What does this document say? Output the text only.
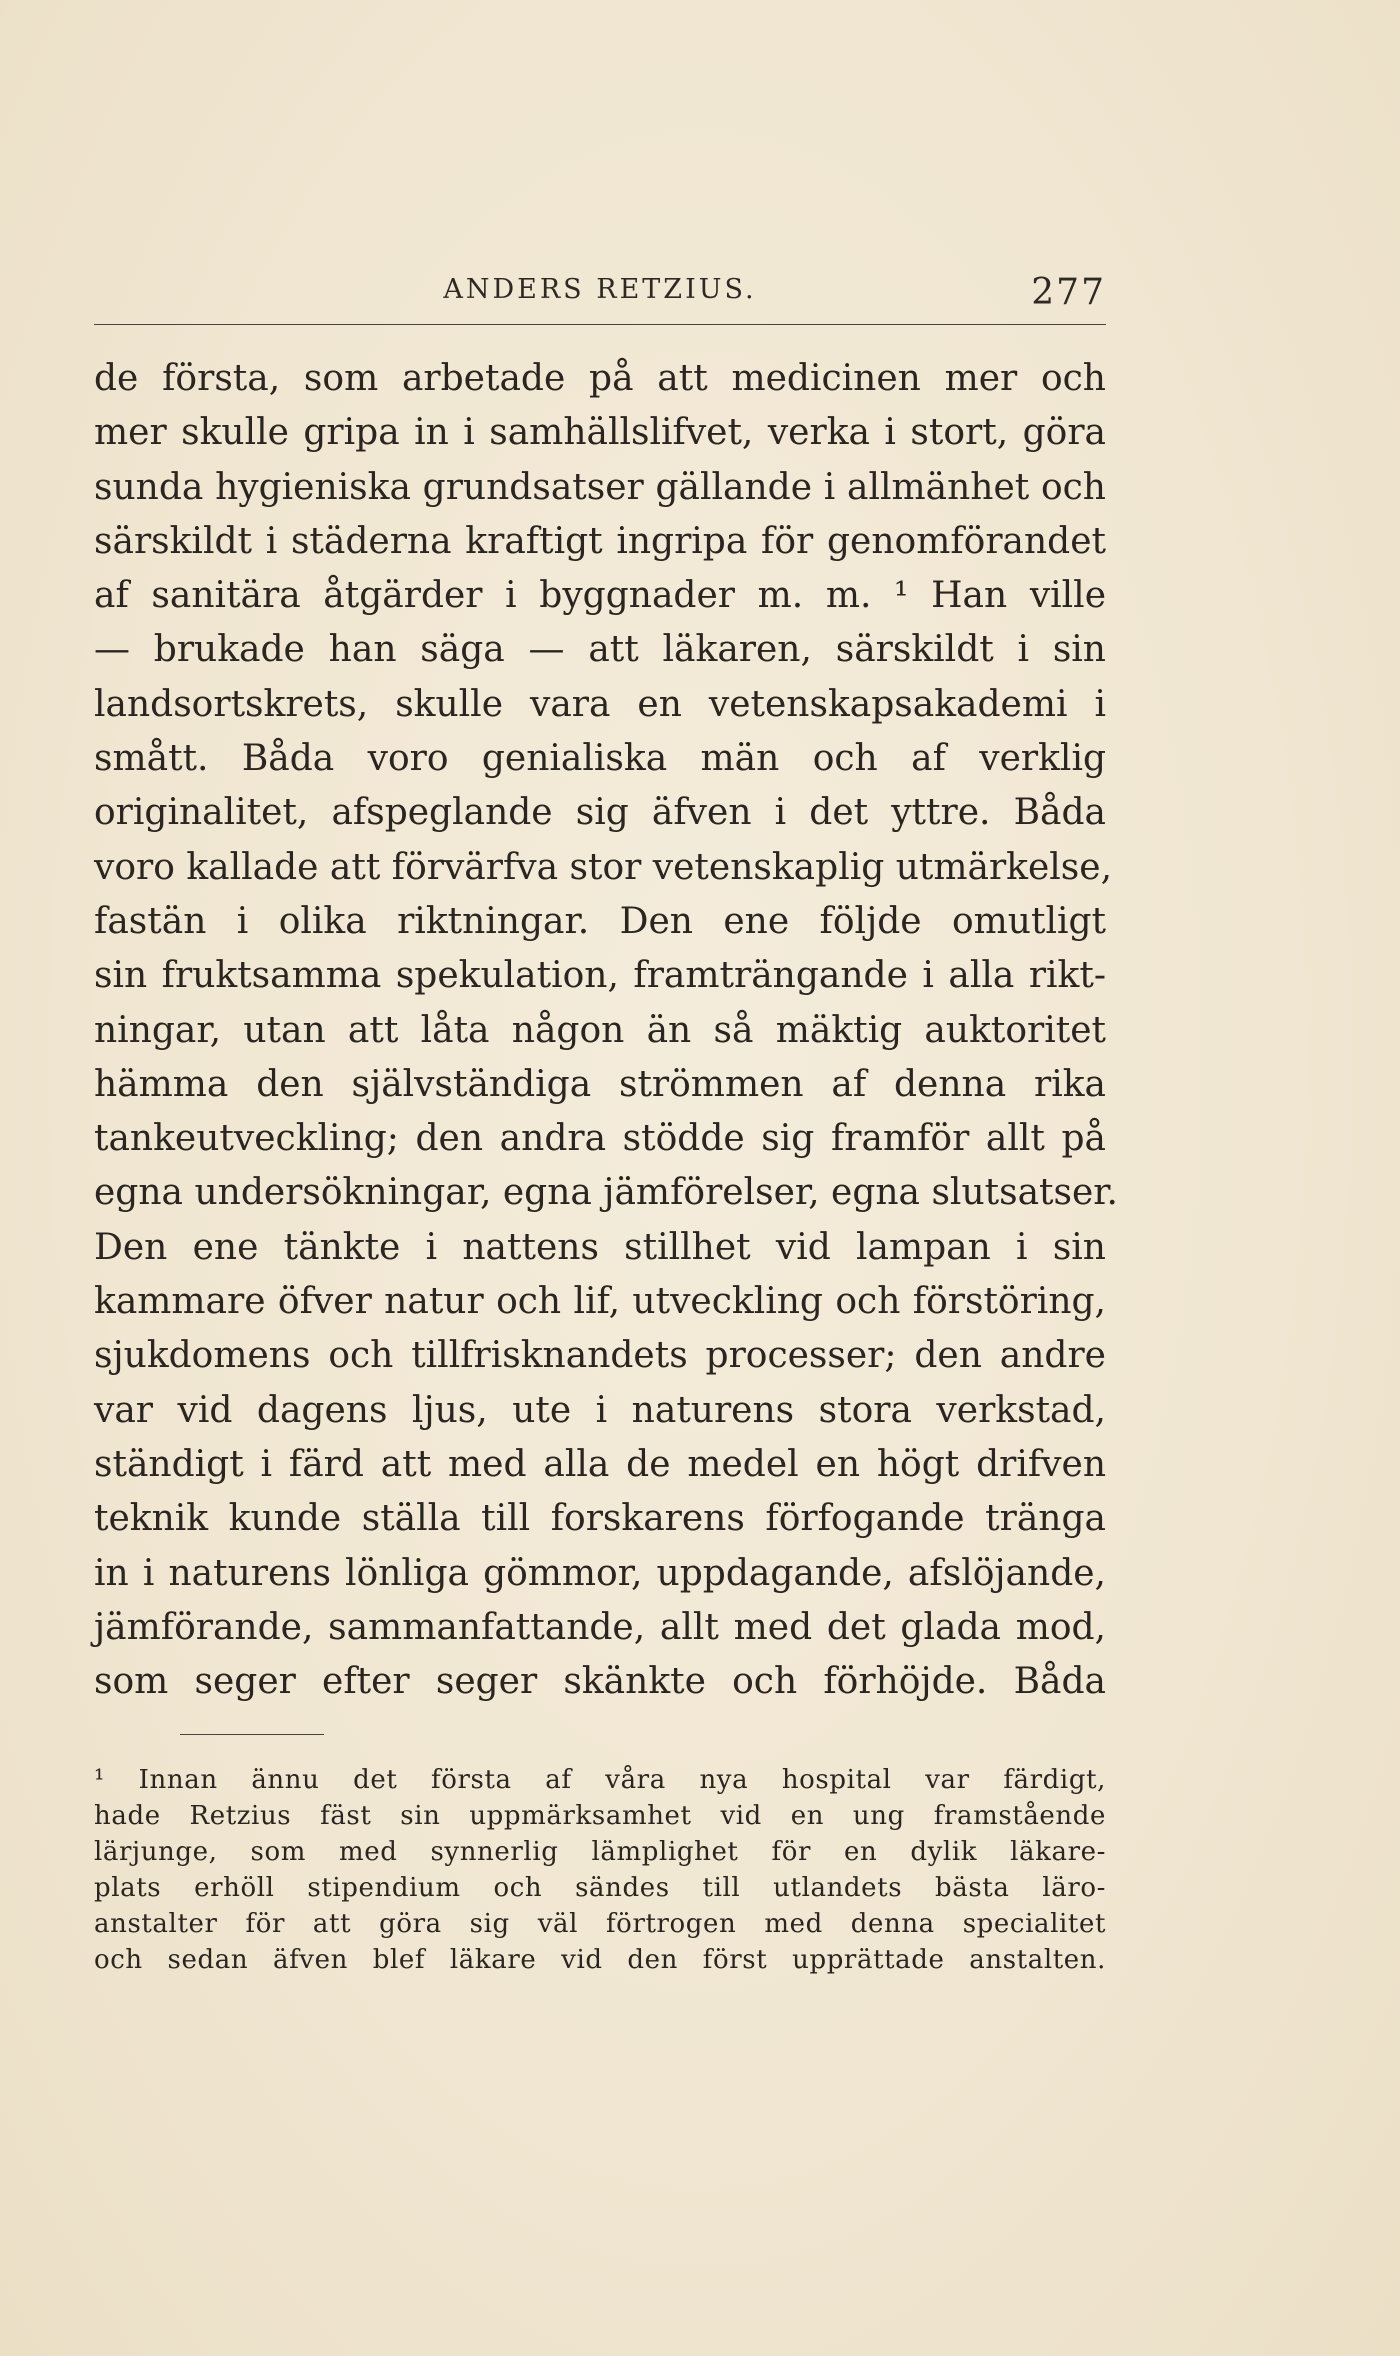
ANDERS RETZIUS.	277
de första, som arbetade på att medicinen mer och
mer skulle gripa in i samhällslifvet, verka i stort, göra
sunda hygieniska grundsatser gällande i allmänhet och
särskildt i städerna kraftigt ingripa för genomförandet
af sanitära åtgärder i byggnader m. m. ¹ Han ville
— brukade han säga — att läkaren, särskildt i sin
landsortskrets, skulle vara en vetenskapsakademi i
smått. Båda voro genialiska män och af verklig
originalitet, afspeglande sig äfven i det yttre. Båda
voro kallade att förvärfva stor vetenskaplig utmärkelse,
fastän i olika riktningar. Den ene följde omutligt
sin fruktsamma spekulation, framträngande i alla rikt-
ningar, utan att låta någon än så mäktig auktoritet
hämma den självständiga strömmen af denna rika
tankeutveckling; den andra stödde sig framför allt på
egna undersökningar, egna jämförelser, egna slutsatser.
Den ene tänkte i nattens stillhet vid lampan i sin
kammare öfver natur och lif, utveckling och förstöring,
sjukdomens och tillfrisknandets processer; den andre
var vid dagens ljus, ute i naturens stora verkstad,
ständigt i färd att med alla de medel en högt drifven
teknik kunde ställa till forskarens förfogande tränga
in i naturens lönliga gömmor, uppdagande, afslöjande,
jämförande, sammanfattande, allt med det glada mod,
som seger efter seger skänkte och förhöjde. Båda
¹ Innan ännu det första af våra nya hospital var färdigt,
hade Retzius fäst sin uppmärksamhet vid en ung framstående
lärjunge, som med synnerlig lämplighet för en dylik läkare-
plats erhöll stipendium och sändes till utlandets bästa läro-
anstalter för att göra sig väl förtrogen med denna specialitet
och sedan äfven blef läkare vid den först upprättade anstalten.
